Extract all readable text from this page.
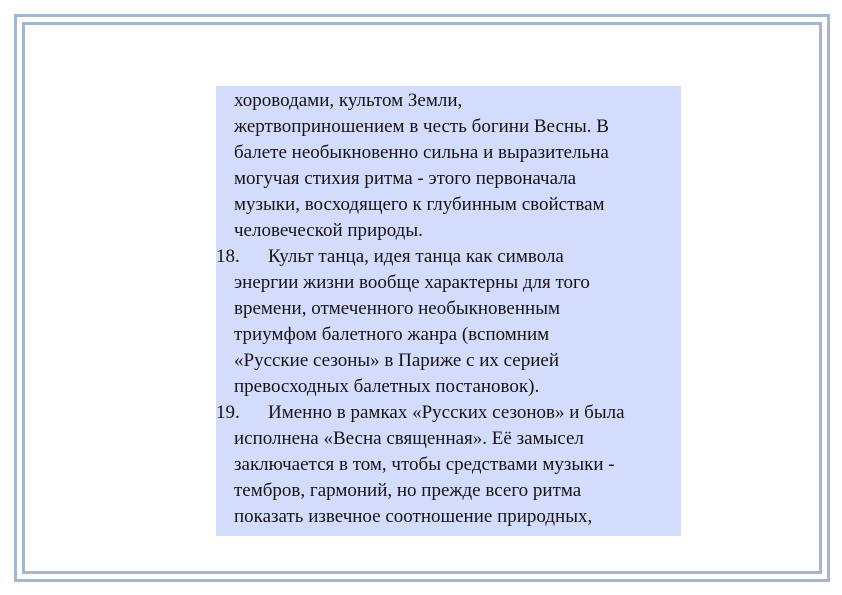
хороводами, культом Земли,
жертвоприношением в честь богини Весны. В
балете необыкновенно сильна и выразительна
могучая стихия ритма - этого первоначала
музыки, восходящего к глубинным свойствам
человеческой природы.
18. Культ танца, идея танца как символа
энергии жизни вообще характерны для того
времени, отмеченного необыкновенным
триумфом балетного жанра (вспомним
«Русские сезоны» в Париже с их серией
превосходных балетных постановок).
19. Именно в рамках «Русских сезонов» и была
исполнена «Весна священная». Её замысел
заключается в том, чтобы средствами музыки -
тембров, гармоний, но прежде всего ритма
показать извечное соотношение природных,
